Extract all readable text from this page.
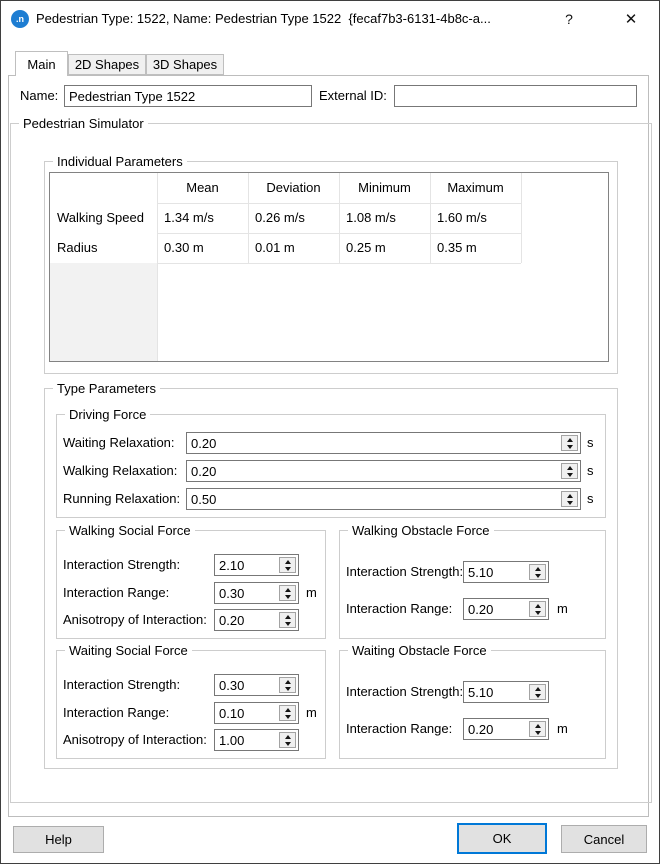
.n Pedestrian Type: 1522, Name: Pedestrian Type 1522  {fecaf7b3-6131-4b8c-a...	?	✕
Main	2D Shapes	3D Shapes
Name:
Pedestrian Type 1522	External ID:
Pedestrian Simulator
Individual Parameters
Mean	Deviation	Minimum	Maximum
Walking Speed	1.34 m/s	0.26 m/s	1.08 m/s	1.60 m/s
Radius	0.30 m	0.01 m	0.25 m	0.35 m
Type Parameters
Driving Force
Waiting Relaxation:
0.20	s
Walking Relaxation:
0.20	s
Running Relaxation:
0.50	s
Walking Social Force
Interaction Strength:
2.10
Interaction Range:
0.30	m
Anisotropy of Interaction:
0.20
Walking Obstacle Force
Interaction Strength:
5.10
Interaction Range:
0.20	m
Waiting Social Force
Interaction Strength:
0.30
Interaction Range:
0.10	m
Anisotropy of Interaction:
1.00
Waiting Obstacle Force
Interaction Strength:
5.10
Interaction Range:
0.20	m
Help	OK	Cancel
